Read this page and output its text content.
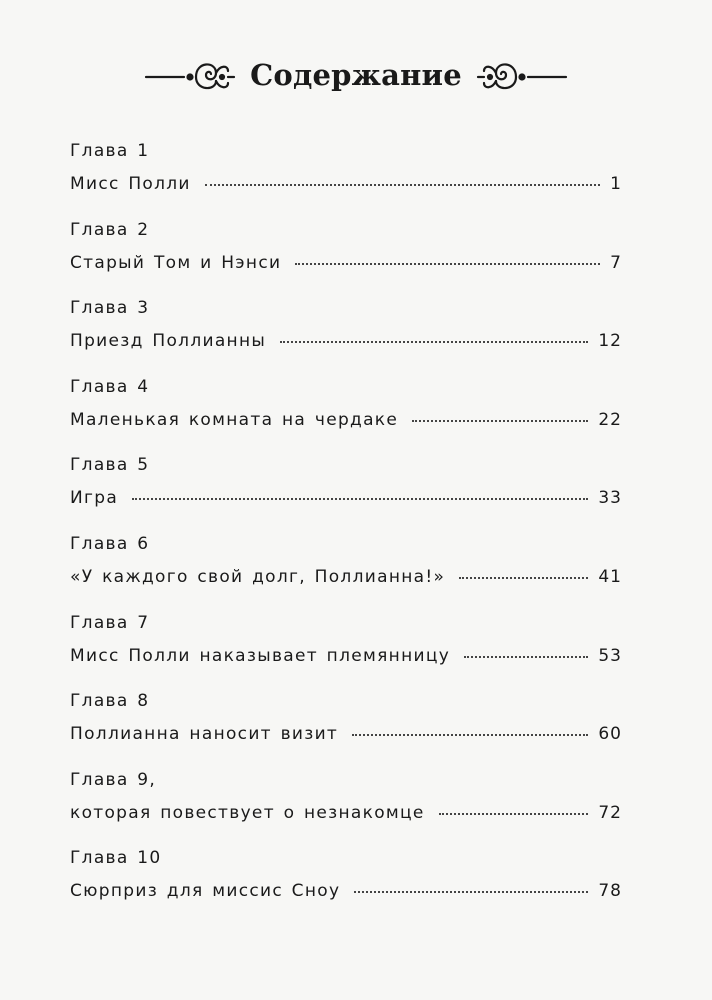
Содержание
Глава 1
Мисс Полли	1
Глава 2
Старый Том и Нэнси	7
Глава 3
Приезд Поллианны	12
Глава 4
Маленькая комната на чердаке	22
Глава 5
Игра	33
Глава 6
«У каждого свой долг, Поллианна!»	41
Глава 7
Мисс Полли наказывает племянницу	53
Глава 8
Поллианна наносит визит	60
Глава 9,
которая повествует о незнакомце	72
Глава 10
Сюрприз для миссис Сноу	78
